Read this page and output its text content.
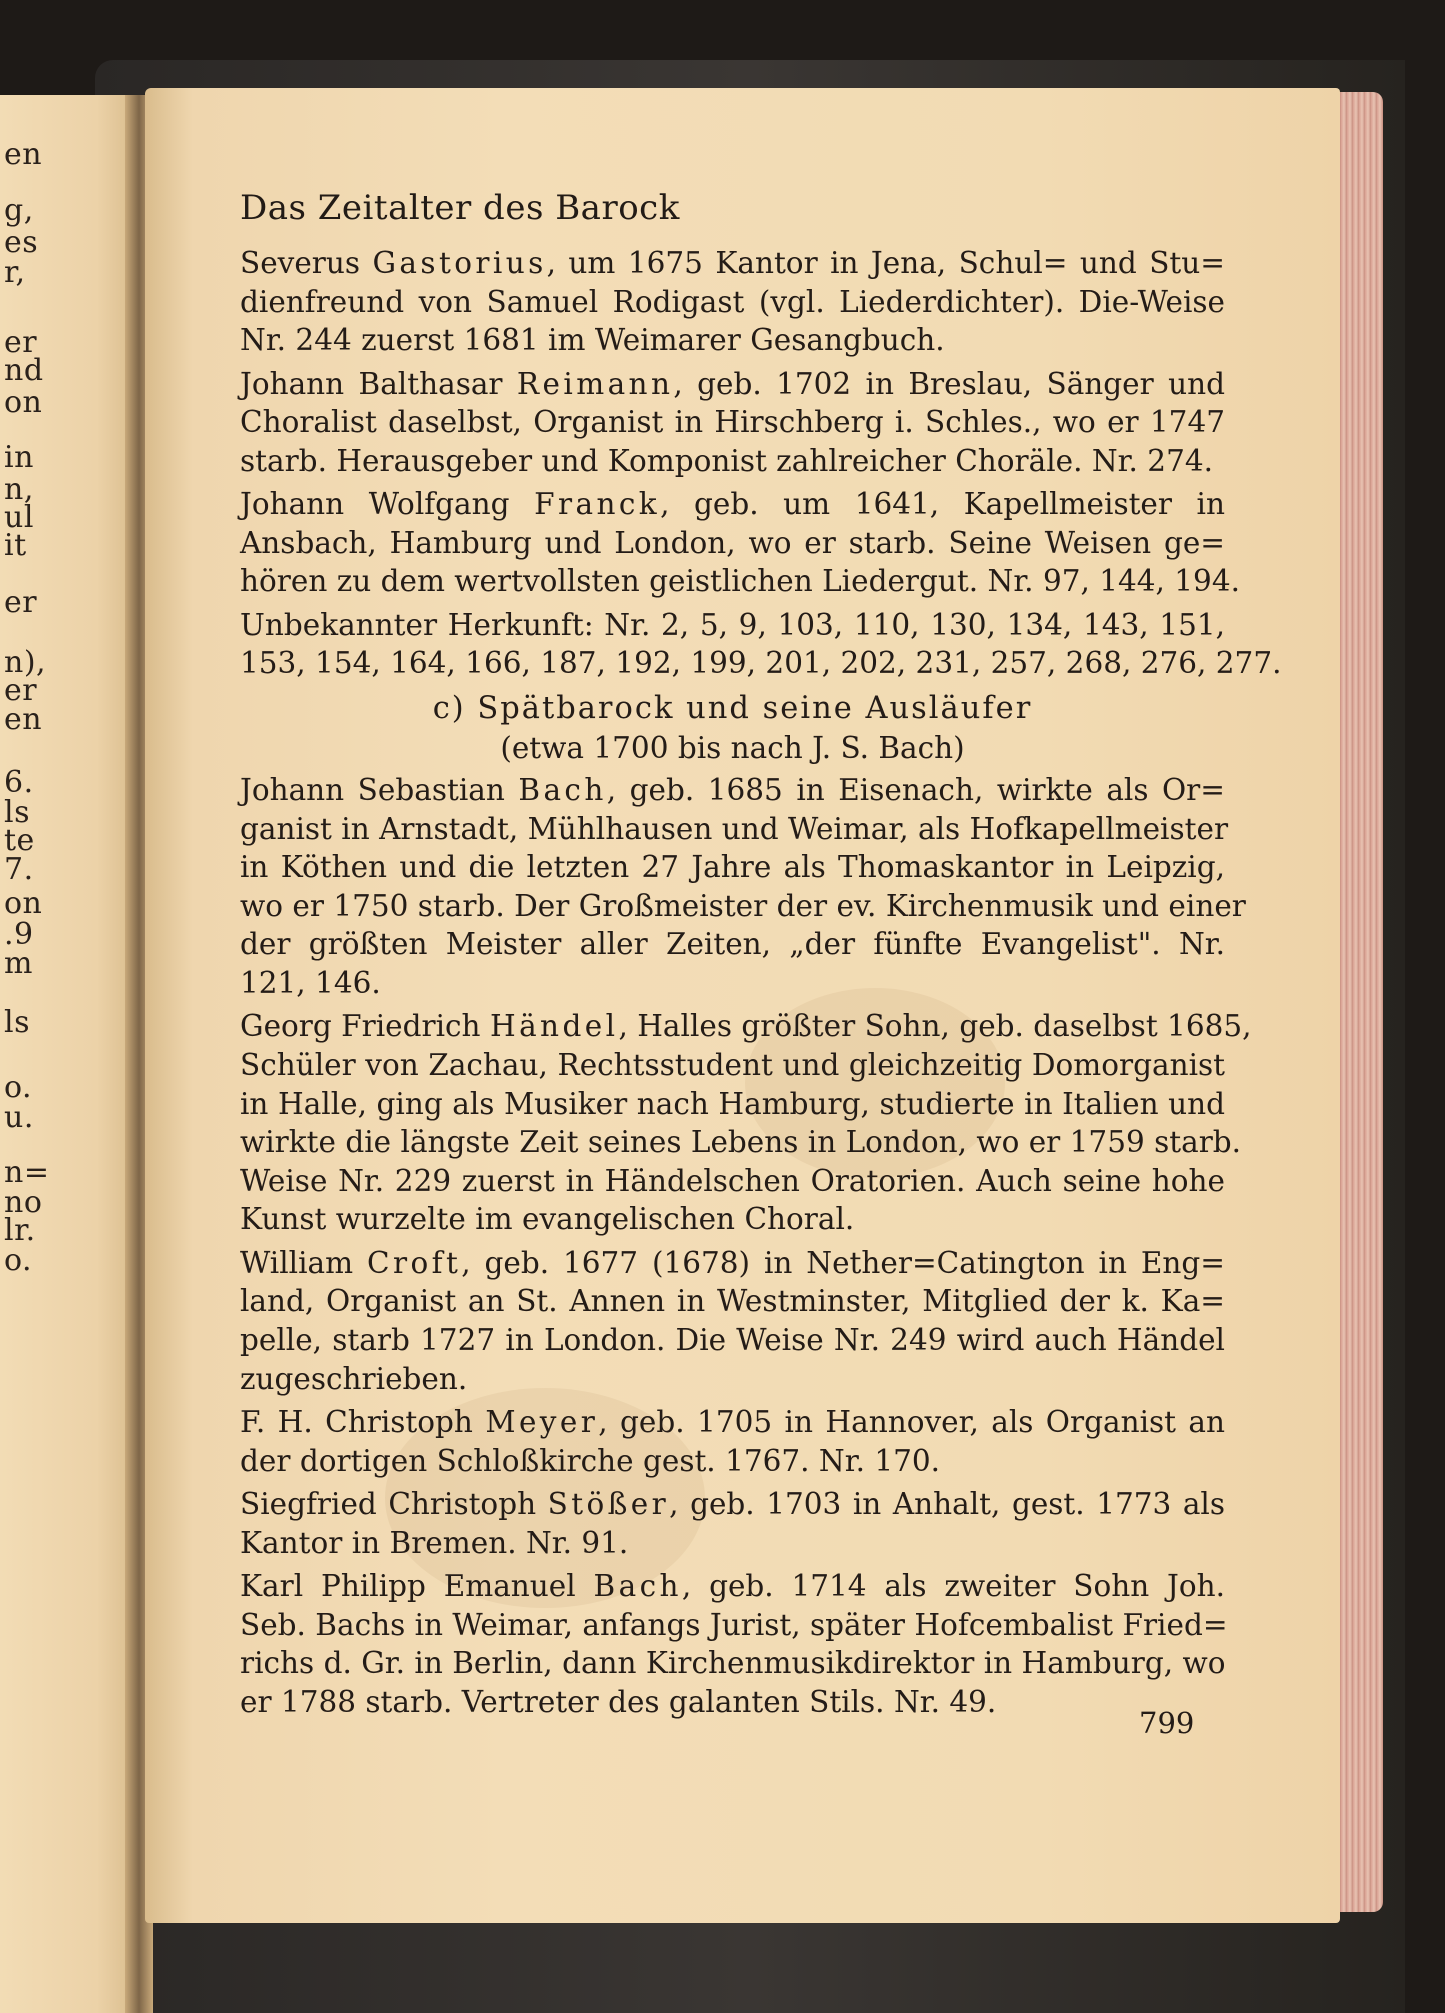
en
g,
es
r,
er
nd
on
in
n,
ul
it
er
n),
er
en
6.
ls
te
7.
on
.9
m
ls
o.
u.
n=
no
lr.
o.
Das Zeitalter des Barock
Severus Gastorius, um 1675 Kantor in Jena, Schul= und Stu=
dienfreund von Samuel Rodigast (vgl. Liederdichter). Die-Weise
Nr. 244 zuerst 1681 im Weimarer Gesangbuch.
Johann Balthasar Reimann, geb. 1702 in Breslau, Sänger und
Choralist daselbst, Organist in Hirschberg i. Schles., wo er 1747
starb. Herausgeber und Komponist zahlreicher Choräle. Nr. 274.
Johann Wolfgang Franck, geb. um 1641, Kapellmeister in
Ansbach, Hamburg und London, wo er starb. Seine Weisen ge=
hören zu dem wertvollsten geistlichen Liedergut. Nr. 97, 144, 194.
Unbekannter Herkunft: Nr. 2, 5, 9, 103, 110, 130, 134, 143, 151,
153, 154, 164, 166, 187, 192, 199, 201, 202, 231, 257, 268, 276, 277.
c) Spätbarock und seine Ausläufer
(etwa 1700 bis nach J. S. Bach)
Johann Sebastian Bach, geb. 1685 in Eisenach, wirkte als Or=
ganist in Arnstadt, Mühlhausen und Weimar, als Hofkapellmeister
in Köthen und die letzten 27 Jahre als Thomaskantor in Leipzig,
wo er 1750 starb. Der Großmeister der ev. Kirchenmusik und einer
der größten Meister aller Zeiten, „der fünfte Evangelist". Nr.
121, 146.
Georg Friedrich Händel, Halles größter Sohn, geb. daselbst 1685,
Schüler von Zachau, Rechtsstudent und gleichzeitig Domorganist
in Halle, ging als Musiker nach Hamburg, studierte in Italien und
wirkte die längste Zeit seines Lebens in London, wo er 1759 starb.
Weise Nr. 229 zuerst in Händelschen Oratorien. Auch seine hohe
Kunst wurzelte im evangelischen Choral.
William Croft, geb. 1677 (1678) in Nether=Catington in Eng=
land, Organist an St. Annen in Westminster, Mitglied der k. Ka=
pelle, starb 1727 in London. Die Weise Nr. 249 wird auch Händel
zugeschrieben.
F. H. Christoph Meyer, geb. 1705 in Hannover, als Organist an
der dortigen Schloßkirche gest. 1767. Nr. 170.
Siegfried Christoph Stößer, geb. 1703 in Anhalt, gest. 1773 als
Kantor in Bremen. Nr. 91.
Karl Philipp Emanuel Bach, geb. 1714 als zweiter Sohn Joh.
Seb. Bachs in Weimar, anfangs Jurist, später Hofcembalist Fried=
richs d. Gr. in Berlin, dann Kirchenmusikdirektor in Hamburg, wo
er 1788 starb. Vertreter des galanten Stils. Nr. 49.
799
